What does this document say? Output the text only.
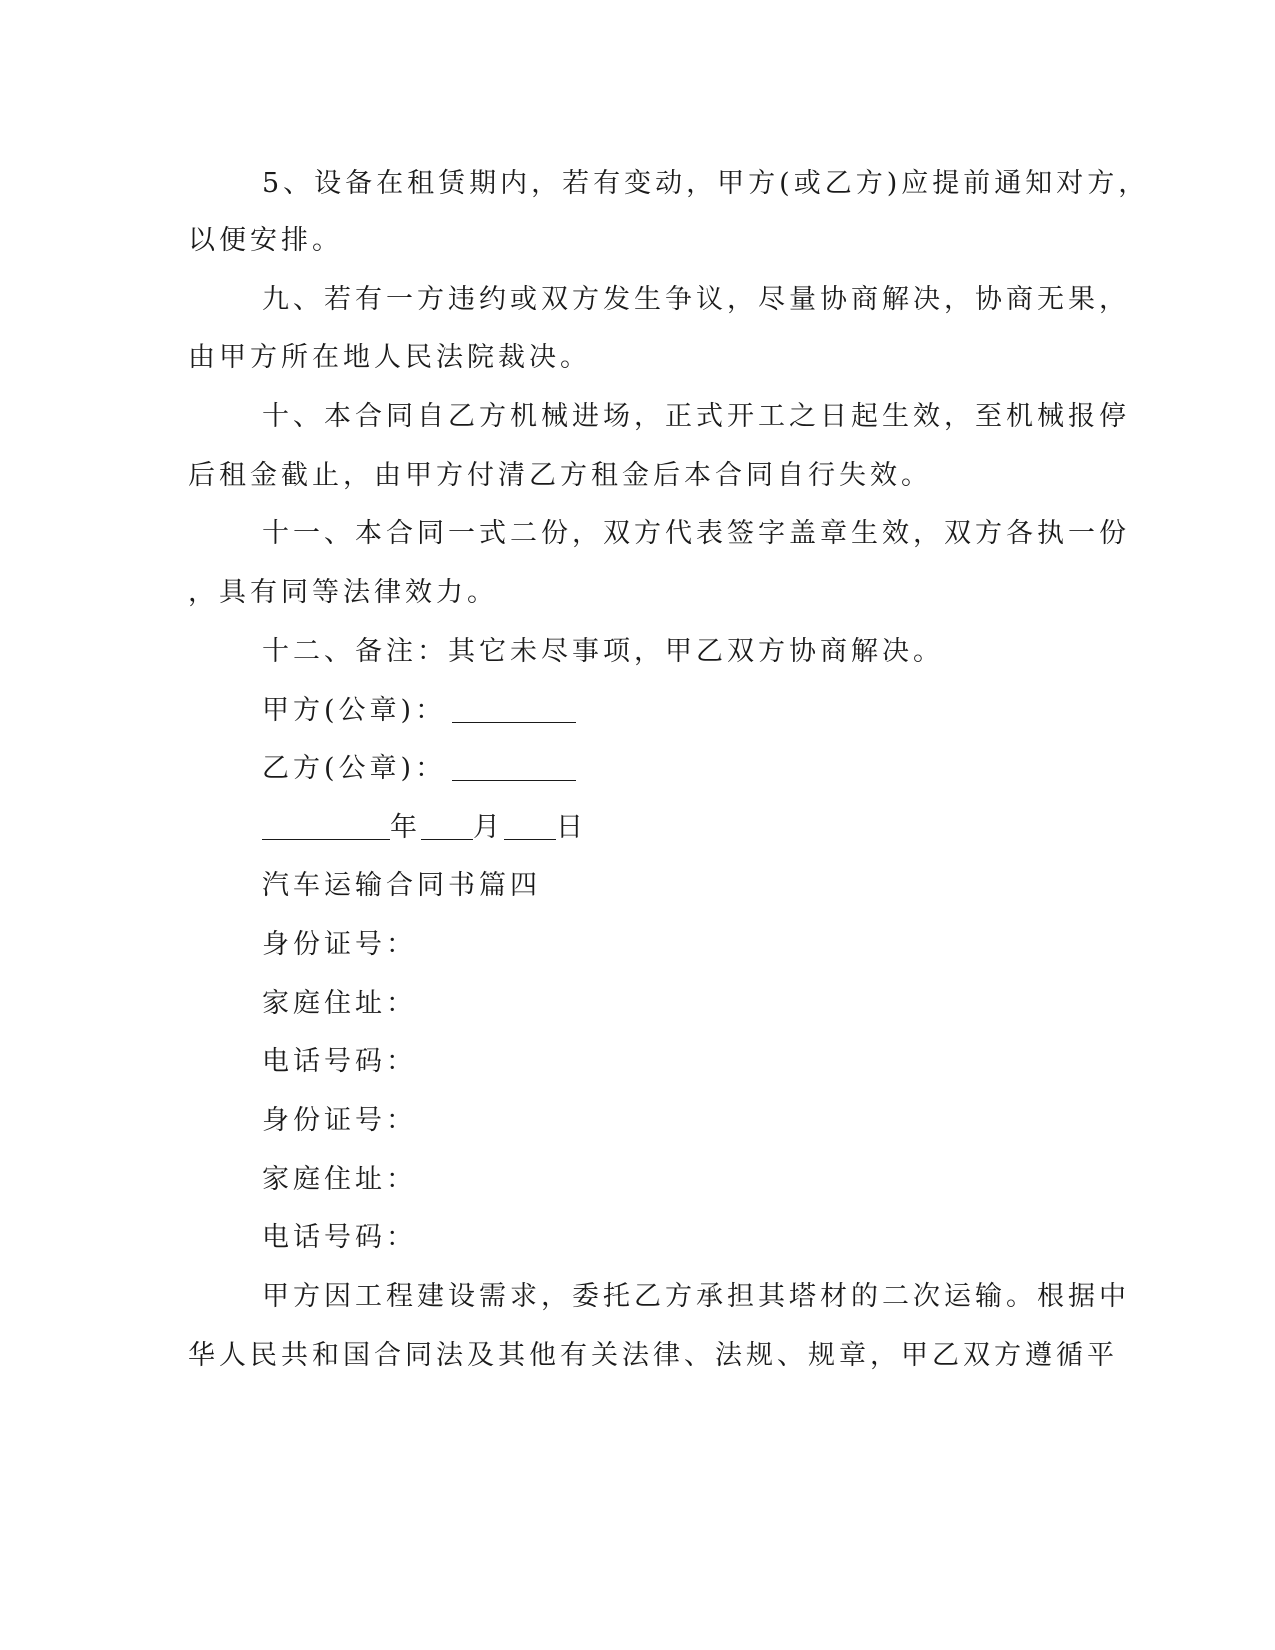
5、设备在租赁期内，若有变动，甲方(或乙方)应提前通知对方，
以便安排。
九、若有一方违约或双方发生争议，尽量协商解决，协商无果，
由甲方所在地人民法院裁决。
十、本合同自乙方机械进场，正式开工之日起生效，至机械报停
后租金截止，由甲方付清乙方租金后本合同自行失效。
十一、本合同一式二份，双方代表签字盖章生效，双方各执一份
，具有同等法律效力。
十二、备注：其它未尽事项，甲乙双方协商解决。
甲方(公章)：
乙方(公章)：
年 月 日
汽车运输合同书篇四
身份证号：
家庭住址：
电话号码：
身份证号：
家庭住址：
电话号码：
甲方因工程建设需求，委托乙方承担其塔材的二次运输。根据中
华人民共和国合同法及其他有关法律、法规、规章，甲乙双方遵循平
